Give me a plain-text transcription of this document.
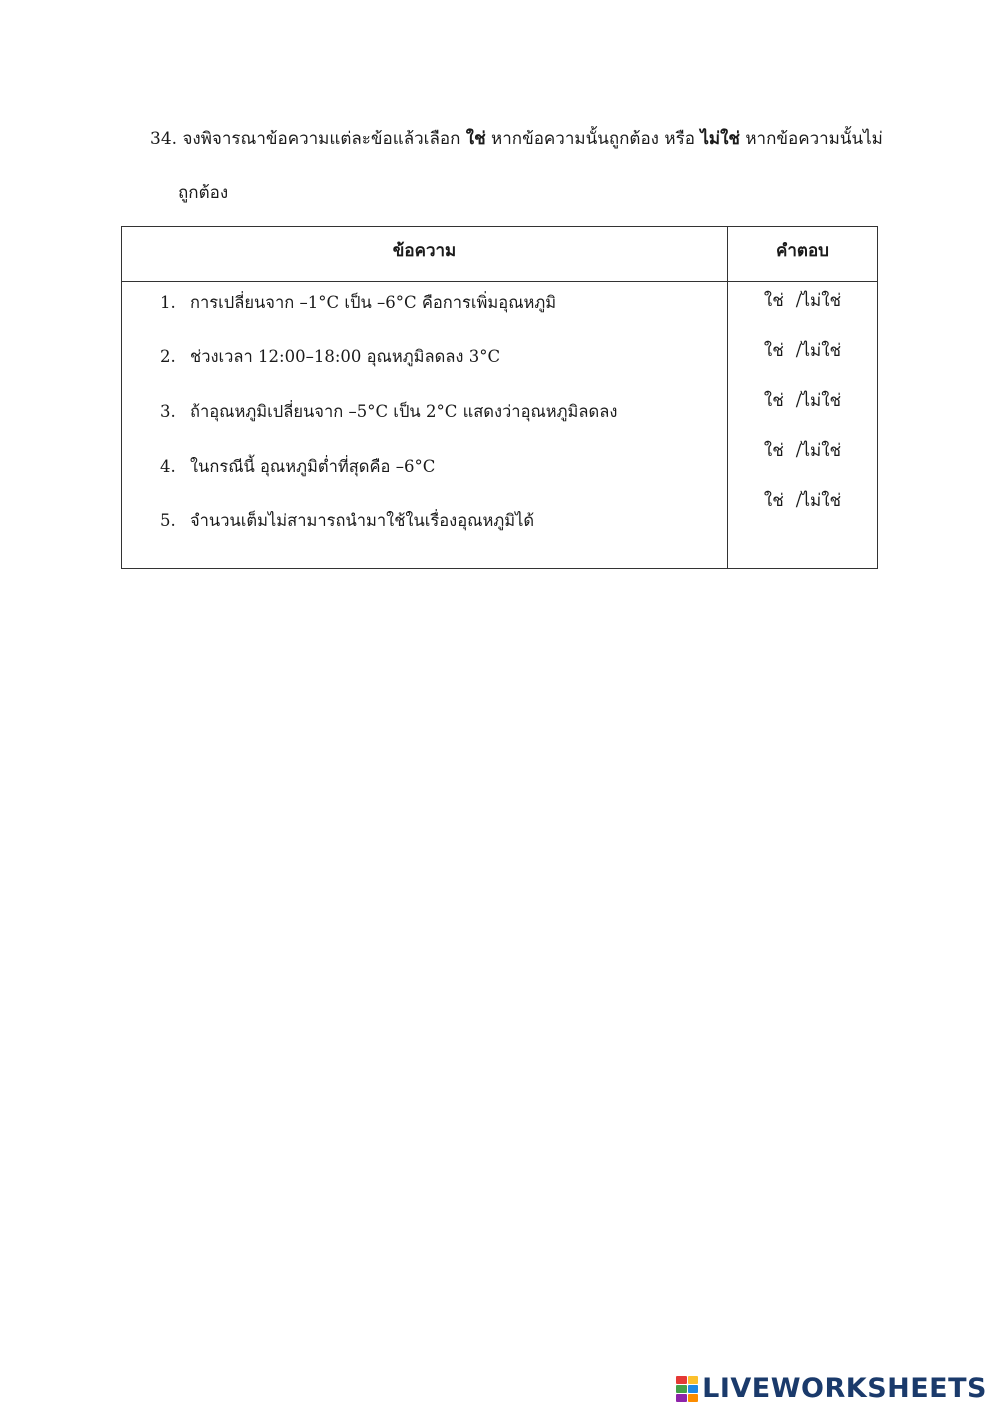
34. จงพิจารณาข้อความแต่ละข้อแล้วเลือก ใช่ หากข้อความนั้นถูกต้อง หรือ ไม่ใช่ หากข้อความนั้นไม่
ถูกต้อง
ข้อความ	คำตอบ
1. การเปลี่ยนจาก –1°C เป็น –6°C คือการเพิ่มอุณหภูมิ
2. ช่วงเวลา 12:00–18:00 อุณหภูมิลดลง 3°C
3. ถ้าอุณหภูมิเปลี่ยนจาก –5°C เป็น 2°C แสดงว่าอุณหภูมิลดลง
4. ในกรณีนี้ อุณหภูมิต่ำที่สุดคือ –6°C
5. จำนวนเต็มไม่สามารถนำมาใช้ในเรื่องอุณหภูมิได้
ใช่ /ไม่ใช่
ใช่ /ไม่ใช่
ใช่ /ไม่ใช่
ใช่ /ไม่ใช่
ใช่ /ไม่ใช่
LIVEWORKSHEETS
